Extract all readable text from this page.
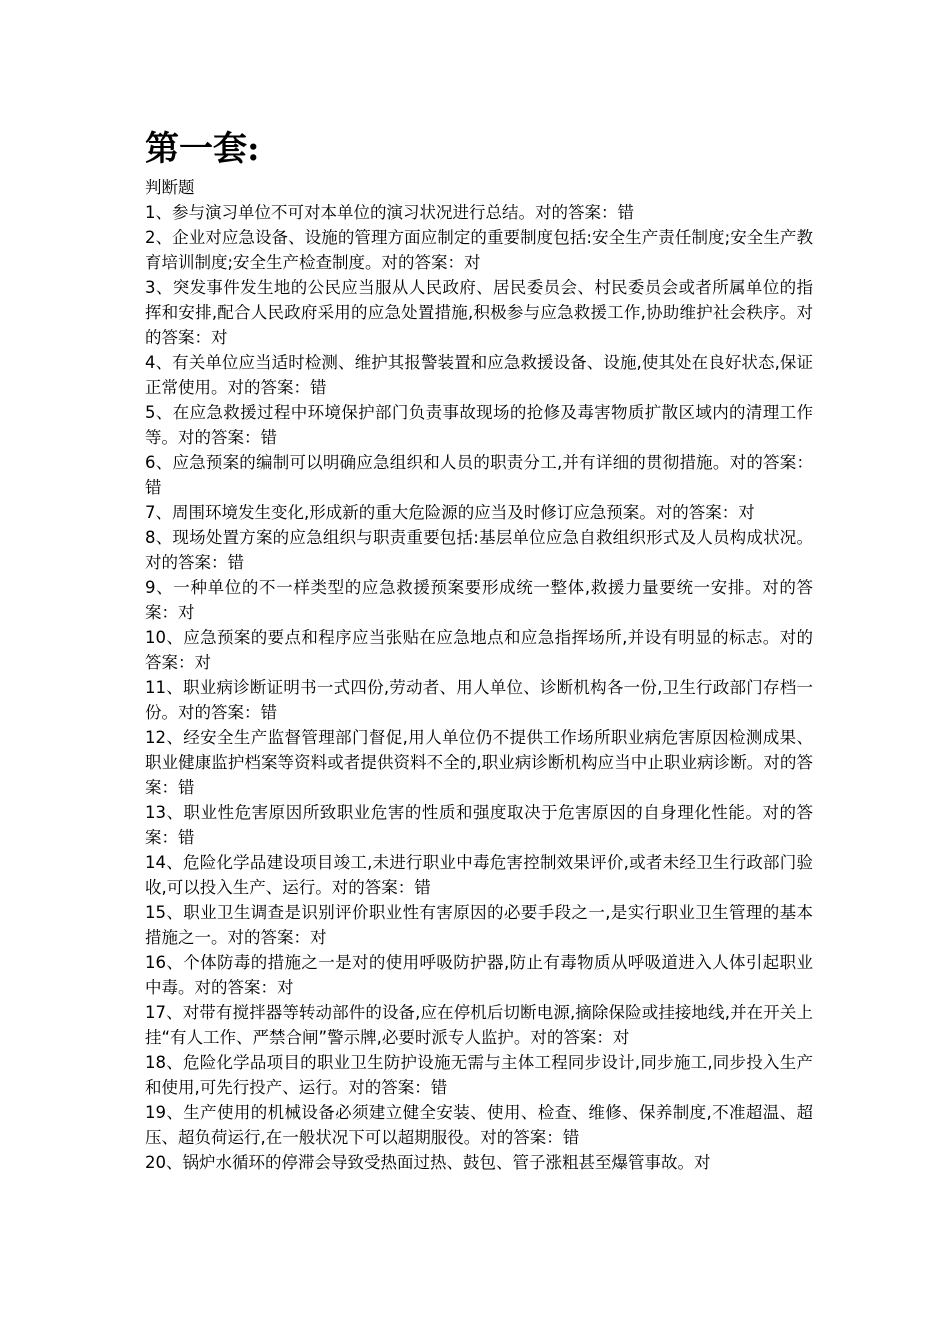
第一套:

判断题

1、参与演习单位不可对本单位的演习状况进行总结。对的答案：错
2、企业对应急设备、设施的管理方面应制定的重要制度包括:安全生产责任制度;安全生产教育培训制度;安全生产检查制度。对的答案：对
3、突发事件发生地的公民应当服从人民政府、居民委员会、村民委员会或者所属单位的指挥和安排,配合人民政府采用的应急处置措施,积极参与应急救援工作,协助维护社会秩序。对的答案：对
4、有关单位应当适时检测、维护其报警装置和应急救援设备、设施,使其处在良好状态,保证正常使用。对的答案：错
5、在应急救援过程中环境保护部门负责事故现场的抢修及毒害物质扩散区域内的清理工作等。对的答案：错
6、应急预案的编制可以明确应急组织和人员的职责分工,并有详细的贯彻措施。对的答案：错
7、周围环境发生变化,形成新的重大危险源的应当及时修订应急预案。对的答案：对
8、现场处置方案的应急组织与职责重要包括:基层单位应急自救组织形式及人员构成状况。对的答案：错
9、一种单位的不一样类型的应急救援预案要形成统一整体,救援力量要统一安排。对的答案：对
10、应急预案的要点和程序应当张贴在应急地点和应急指挥场所,并设有明显的标志。对的答案：对
11、职业病诊断证明书一式四份,劳动者、用人单位、诊断机构各一份,卫生行政部门存档一份。对的答案：错
12、经安全生产监督管理部门督促,用人单位仍不提供工作场所职业病危害原因检测成果、职业健康监护档案等资料或者提供资料不全的,职业病诊断机构应当中止职业病诊断。对的答案：错
13、职业性危害原因所致职业危害的性质和强度取决于危害原因的自身理化性能。对的答案：错
14、危险化学品建设项目竣工,未进行职业中毒危害控制效果评价,或者未经卫生行政部门验收,可以投入生产、运行。对的答案：错
15、职业卫生调查是识别评价职业性有害原因的必要手段之一,是实行职业卫生管理的基本措施之一。对的答案：对
16、个体防毒的措施之一是对的使用呼吸防护器,防止有毒物质从呼吸道进入人体引起职业中毒。对的答案：对
17、对带有搅拌器等转动部件的设备,应在停机后切断电源,摘除保险或挂接地线,并在开关上挂“有人工作、严禁合闸”警示牌,必要时派专人监护。对的答案：对
18、危险化学品项目的职业卫生防护设施无需与主体工程同步设计,同步施工,同步投入生产和使用,可先行投产、运行。对的答案：错
19、生产使用的机械设备必须建立健全安装、使用、检查、维修、保养制度,不准超温、超压、超负荷运行,在一般状况下可以超期服役。对的答案：错
20、锅炉水循环的停滞会导致受热面过热、鼓包、管子涨粗甚至爆管事故。对
